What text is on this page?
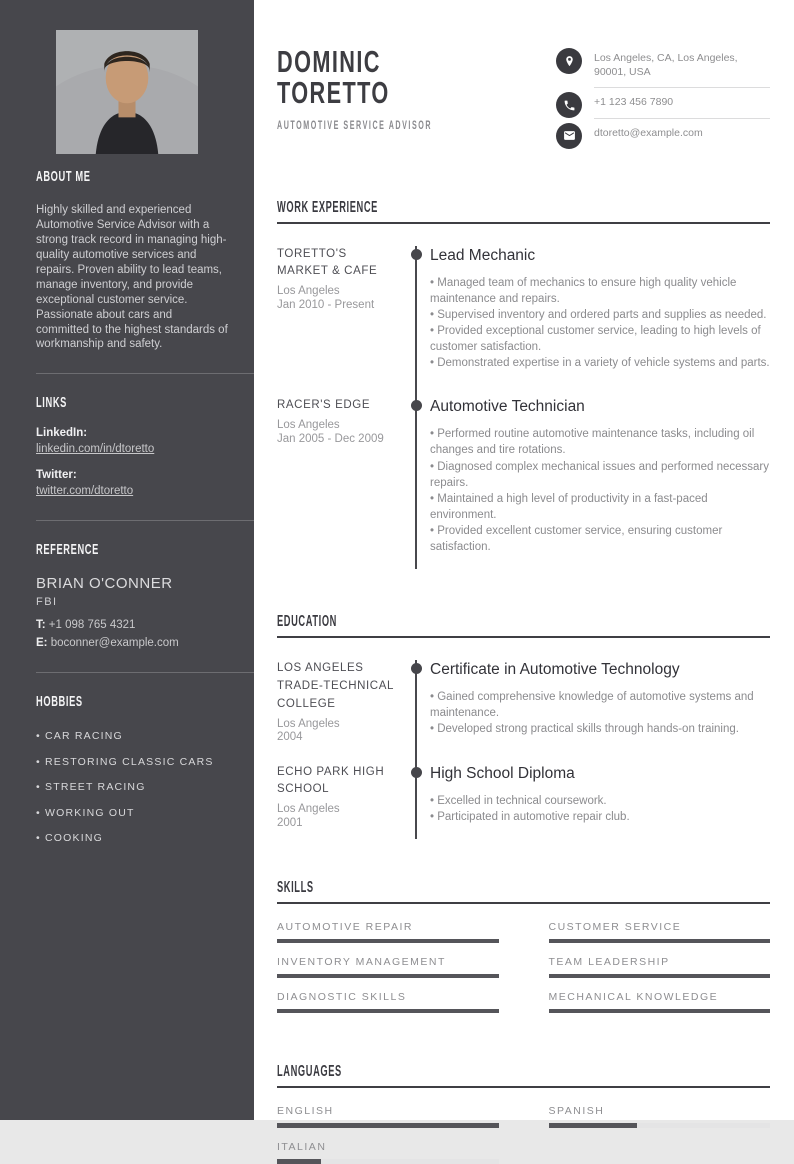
ABOUT ME

Highly skilled and experienced Automotive Service Advisor with a strong track record in managing high-quality automotive services and repairs. Proven ability to lead teams, manage inventory, and provide exceptional customer service. Passionate about cars and committed to the highest standards of workmanship and safety.

LINKS
LinkedIn:
linkedin.com/in/dtoretto
Twitter:
twitter.com/dtoretto
REFERENCE
BRIAN O'CONNER
FBI
T: +1 098 765 4321
E: boconner@example.com
HOBBIES
• CAR RACING
• RESTORING CLASSIC CARS
• STREET RACING
• WORKING OUT
• COOKING
DOMINIC
TORETTO
AUTOMOTIVE SERVICE ADVISOR
Los Angeles, CA, Los Angeles, 90001, USA
+1 123 456 7890
dtoretto@example.com
WORK EXPERIENCE
TORETTO'S MARKET & CAFE
Los Angeles
Jan 2010 - Present
Lead Mechanic
• Managed team of mechanics to ensure high quality vehicle maintenance and repairs.
• Supervised inventory and ordered parts and supplies as needed.
• Provided exceptional customer service, leading to high levels of customer satisfaction.
• Demonstrated expertise in a variety of vehicle systems and parts.
RACER'S EDGE
Los Angeles
Jan 2005 - Dec 2009
Automotive Technician
• Performed routine automotive maintenance tasks, including oil changes and tire rotations.
• Diagnosed complex mechanical issues and performed necessary repairs.
• Maintained a high level of productivity in a fast-paced environment.
• Provided excellent customer service, ensuring customer satisfaction.
EDUCATION
LOS ANGELES TRADE-TECHNICAL COLLEGE
Los Angeles
2004
Certificate in Automotive Technology
• Gained comprehensive knowledge of automotive systems and maintenance.
• Developed strong practical skills through hands-on training.
ECHO PARK HIGH SCHOOL
Los Angeles
2001
High School Diploma
• Excelled in technical coursework.
• Participated in automotive repair club.
SKILLS
AUTOMOTIVE REPAIR
INVENTORY MANAGEMENT
DIAGNOSTIC SKILLS
CUSTOMER SERVICE
TEAM LEADERSHIP
MECHANICAL KNOWLEDGE
LANGUAGES
ENGLISH	SPANISH
ITALIAN
